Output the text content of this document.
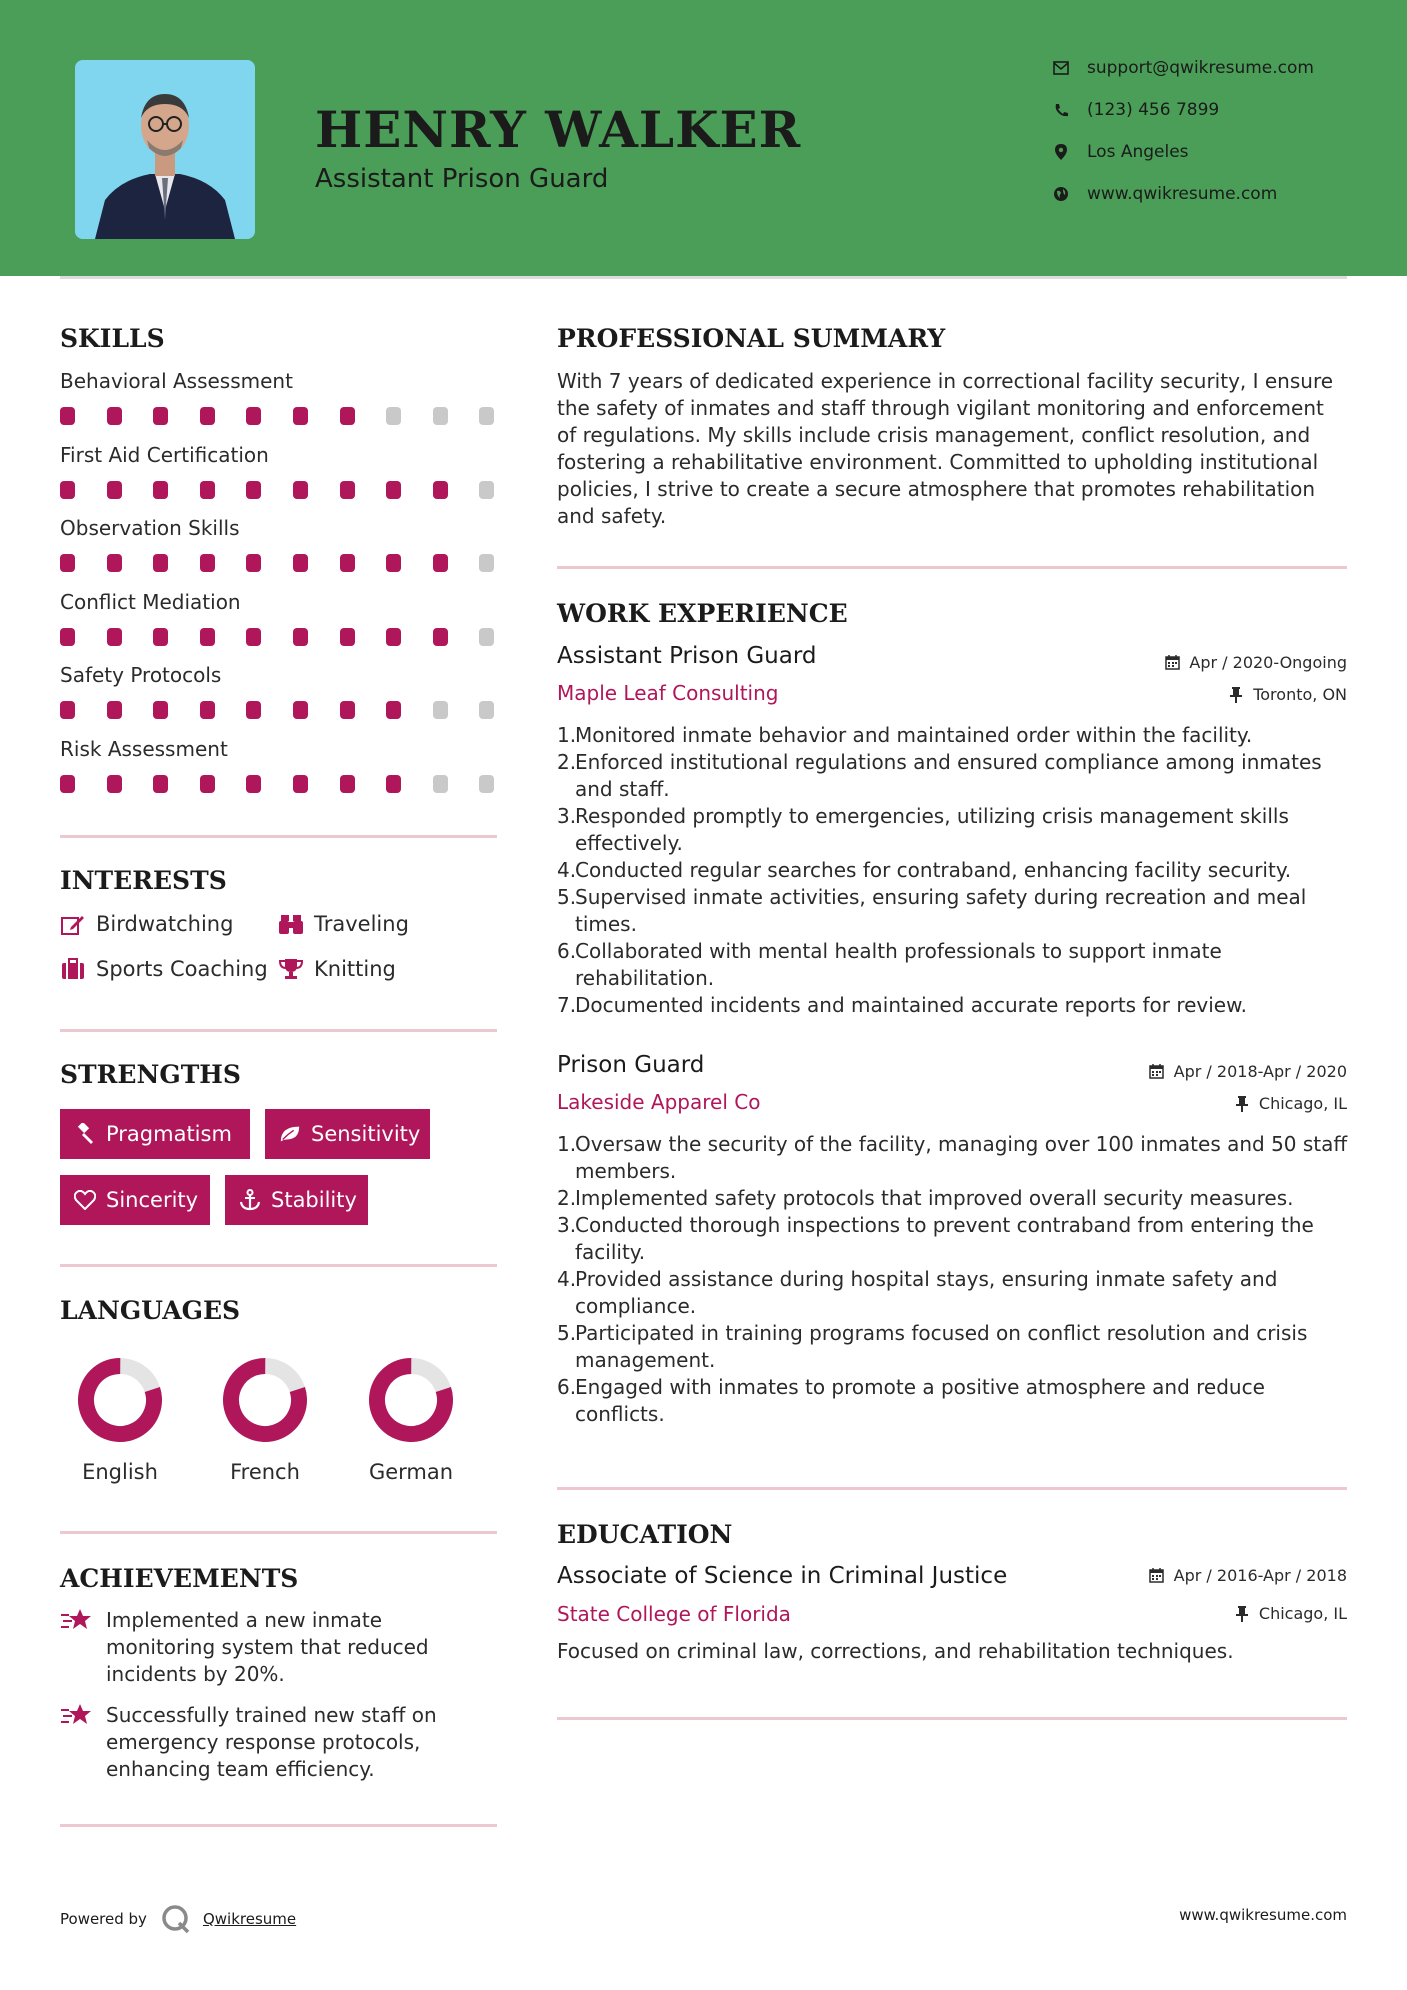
HENRY WALKER
Assistant Prison Guard
support@qwikresume.com
(123) 456 7899
Los Angeles
www.qwikresume.com
SKILLS
Behavioral Assessment
First Aid Certification
Observation Skills
Conflict Mediation
Safety Protocols
Risk Assessment
INTERESTS
Birdwatching	Traveling
Sports Coaching Knitting
STRENGTHS
Pragmatism	Sensitivity
Sincerity	Stability
LANGUAGES
English	French	German
ACHIEVEMENTS
Implemented a new inmate monitoring system that reduced incidents by 20%.
Successfully trained new staff on emergency response protocols, enhancing team efficiency.
PROFESSIONAL SUMMARY
With 7 years of dedicated experience in correctional facility security, I ensure the safety of inmates and staff through vigilant monitoring and enforcement of regulations. My skills include crisis management, conflict resolution, and fostering a rehabilitative environment. Committed to upholding institutional policies, I strive to create a secure atmosphere that promotes rehabilitation and safety.
WORK EXPERIENCE
Assistant Prison Guard	Apr / 2020-Ongoing
Maple Leaf Consulting	Toronto, ON
1.
Monitored inmate behavior and maintained order within the facility.
2.
Enforced institutional regulations and ensured compliance among inmates and staff.
3.
Responded promptly to emergencies, utilizing crisis management skills effectively.
4.
Conducted regular searches for contraband, enhancing facility security.
5.
Supervised inmate activities, ensuring safety during recreation and meal times.
6.
Collaborated with mental health professionals to support inmate rehabilitation.
7.
Documented incidents and maintained accurate reports for review.
Prison Guard	Apr / 2018-Apr / 2020
Lakeside Apparel Co	Chicago, IL
1.
Oversaw the security of the facility, managing over 100 inmates and 50 staff members.
2.
Implemented safety protocols that improved overall security measures.
3.
Conducted thorough inspections to prevent contraband from entering the facility.
4.
Provided assistance during hospital stays, ensuring inmate safety and compliance.
5.
Participated in training programs focused on conflict resolution and crisis management.
6.
Engaged with inmates to promote a positive atmosphere and reduce conflicts.
EDUCATION
Associate of Science in Criminal Justice	Apr / 2016-Apr / 2018
State College of Florida	Chicago, IL
Focused on criminal law, corrections, and rehabilitation techniques.
Powered by	Qwikresume	www.qwikresume.com
